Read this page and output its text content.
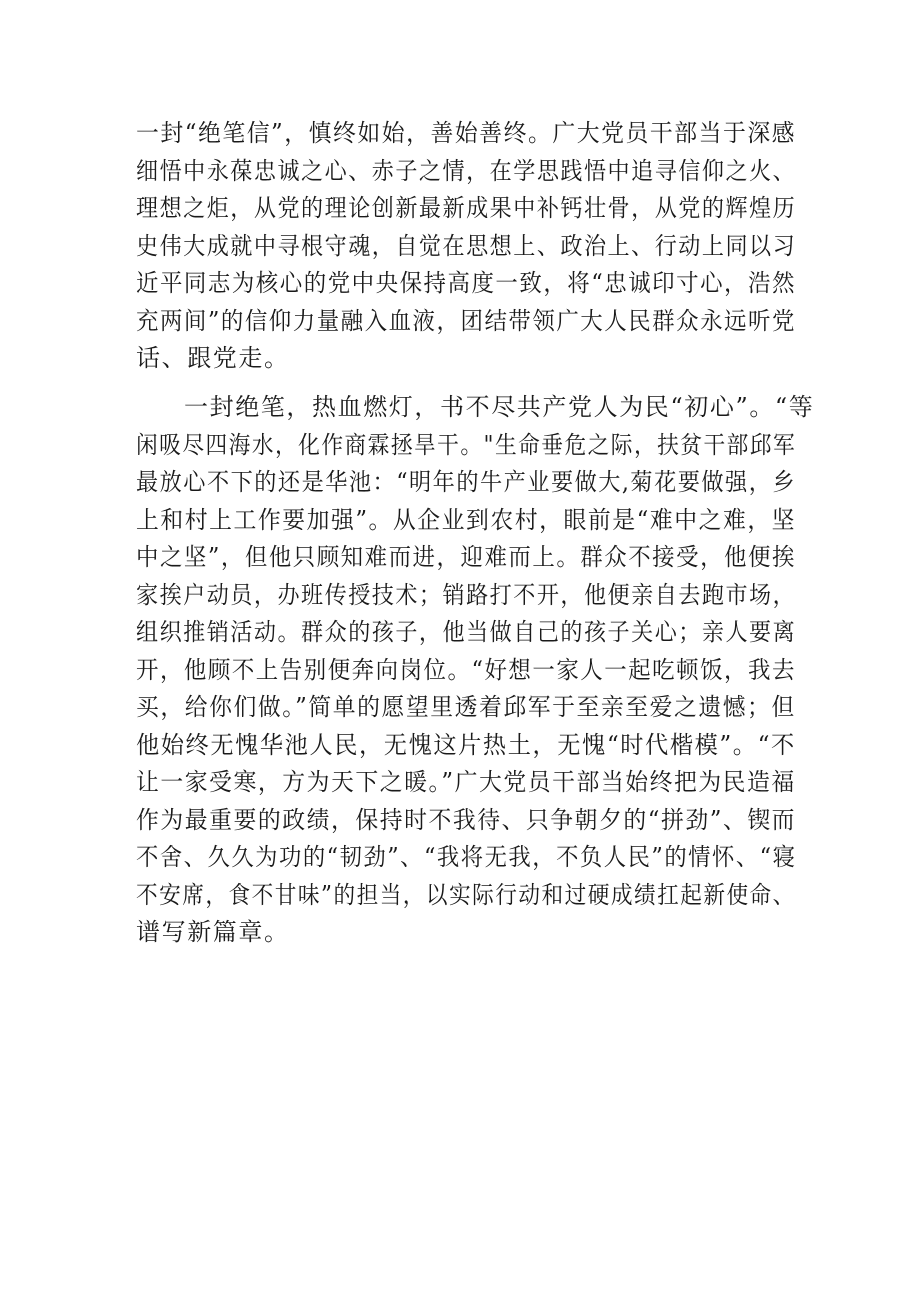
一封“绝笔信”，慎终如始，善始善终。广大党员干部当于深感

细悟中永葆忠诚之心、赤子之情，在学思践悟中追寻信仰之火、

理想之炬，从党的理论创新最新成果中补钙壮骨，从党的辉煌历

史伟大成就中寻根守魂，自觉在思想上、政治上、行动上同以习

近平同志为核心的党中央保持高度一致，将“忠诚印寸心，浩然

充两间”的信仰力量融入血液，团结带领广大人民群众永远听党

话、跟党走。

一封绝笔，热血燃灯，书不尽共产党人为民“初心”。“等

闲吸尽四海水，化作商霖拯旱干。"生命垂危之际，扶贫干部邱军

最放心不下的还是华池：“明年的牛产业要做大,菊花要做强，乡

上和村上工作要加强”。从企业到农村，眼前是“难中之难，坚

中之坚”，但他只顾知难而进，迎难而上。群众不接受，他便挨

家挨户动员，办班传授技术；销路打不开，他便亲自去跑市场，

组织推销活动。群众的孩子，他当做自己的孩子关心；亲人要离

开，他顾不上告别便奔向岗位。“好想一家人一起吃顿饭，我去

买，给你们做。”简单的愿望里透着邱军于至亲至爱之遗憾；但

他始终无愧华池人民，无愧这片热土，无愧“时代楷模”。“不

让一家受寒，方为天下之暖。”广大党员干部当始终把为民造福

作为最重要的政绩，保持时不我待、只争朝夕的“拼劲”、锲而

不舍、久久为功的“韧劲”、“我将无我，不负人民”的情怀、“寝

不安席，食不甘味”的担当，以实际行动和过硬成绩扛起新使命、

谱写新篇章。
